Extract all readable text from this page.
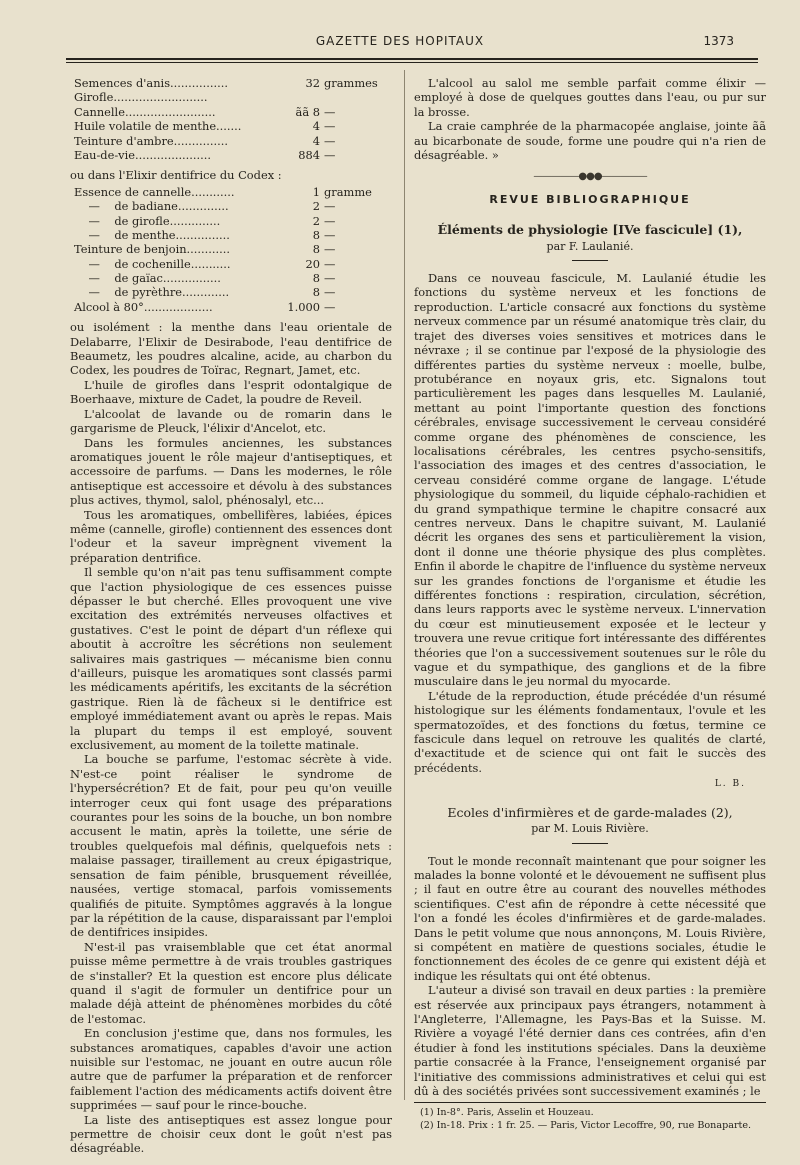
GAZETTE DES HOPITAUX	1373
Semences d'anis................	32 grammes
Girofle..........................
Cannelle.........................	ãã 8 —
Huile volatile de menthe.......	4 —
Teinture d'ambre...............	4 —
Eau-de-vie.....................	884 —

ou dans l'Elixir dentifrice du Codex :

Essence de cannelle............	1 gramme
—    de badiane..............	2 —
—    de girofle..............	2 —
—    de menthe...............	8 —
Teinture de benjoin............	8 —
—    de cochenille...........	20 —
—    de gaïac................	8 —
—    de pyrèthre.............	8 —
Alcool à 80°...................	1.000 —

ou isolément : la menthe dans l'eau orientale de Delabarre, l'Elixir de Desirabode, l'eau dentifrice de Beaumetz, les poudres alcaline, acide, au charbon du Codex, les poudres de Toïrac, Regnart, Jamet, etc.

L'huile de girofles dans l'esprit odontalgique de Boerhaave, mixture de Cadet, la poudre de Reveil.

L'alcoolat de lavande ou de romarin dans le gargarisme de Pleuck, l'élixir d'Ancelot, etc.

Dans les formules anciennes, les substances aromatiques jouent le rôle majeur d'antiseptiques, et accessoire de parfums. — Dans les modernes, le rôle antiseptique est accessoire et dévolu à des substances plus actives, thymol, salol, phénosalyl, etc...

Tous les aromatiques, ombellifères, labiées, épices même (cannelle, girofle) contiennent des essences dont l'odeur et la saveur imprègnent vivement la préparation dentrifice.

Il semble qu'on n'ait pas tenu suffisamment compte que l'action physiologique de ces essences puisse dépasser le but cherché. Elles provoquent une vive excitation des extrémités nerveuses olfactives et gustatives. C'est le point de départ d'un réflexe qui aboutit à accroître les sécrétions non seulement salivaires mais gastriques — mécanisme bien connu d'ailleurs, puisque les aromatiques sont classés parmi les médicaments apéritifs, les excitants de la sécrétion gastrique. Rien là de fâcheux si le dentifrice est employé immédiatement avant ou après le repas. Mais la plupart du temps il est employé, souvent exclusivement, au moment de la toilette matinale.

La bouche se parfume, l'estomac sécrète à vide. N'est-ce point réaliser le syndrome de l'hypersécrétion? Et de fait, pour peu qu'on veuille interroger ceux qui font usage des préparations courantes pour les soins de la bouche, un bon nombre accusent le matin, après la toilette, une série de troubles quelquefois mal définis, quelquefois nets : malaise passager, tiraillement au creux épigastrique, sensation de faim pénible, brusquement réveillée, nausées, vertige stomacal, parfois vomissements qualifiés de pituite. Symptômes aggravés à la longue par la répétition de la cause, disparaissant par l'emploi de dentifrices insipides.

N'est-il pas vraisemblable que cet état anormal puisse même permettre à de vrais troubles gastriques de s'installer? Et la question est encore plus délicate quand il s'agit de formuler un dentifrice pour un malade déjà atteint de phénomènes morbides du côté de l'estomac.

En conclusion j'estime que, dans nos formules, les substances aromatiques, capables d'avoir une action nuisible sur l'estomac, ne jouant en outre aucun rôle autre que de parfumer la préparation et de renforcer faiblement l'action des médicaments actifs doivent être supprimées — sauf pour le rince-bouche.

La liste des antiseptiques est assez longue pour permettre de choisir ceux dont le goût n'est pas désagréable.

L'alcool au salol me semble parfait comme élixir — employé à dose de quelques gouttes dans l'eau, ou pur sur la brosse.

La craie camphrée de la pharmacopée anglaise, jointe ãã au bicarbonate de soude, forme une poudre qui n'a rien de désagréable. »

—————●●●—————
REVUE BIBLIOGRAPHIQUE
Éléments de physiologie [IVe fascicule] (1),
par F. Laulanié.

Dans ce nouveau fascicule, M. Laulanié étudie les fonctions du système nerveux et les fonctions de reproduction. L'article consacré aux fonctions du système nerveux commence par un résumé anatomique très clair, du trajet des diverses voies sensitives et motrices dans le névraxe ; il se continue par l'exposé de la physiologie des différentes parties du système nerveux : moelle, bulbe, protubérance en noyaux gris, etc. Signalons tout particulièrement les pages dans lesquelles M. Laulanié, mettant au point l'importante question des fonctions cérébrales, envisage successivement le cerveau considéré comme organe des phénomènes de conscience, les localisations cérébrales, les centres psycho-sensitifs, l'association des images et des centres d'association, le cerveau considéré comme organe de langage. L'étude physiologique du sommeil, du liquide céphalo-rachidien et du grand sympathique termine le chapitre consacré aux centres nerveux. Dans le chapitre suivant, M. Laulanié décrit les organes des sens et particulièrement la vision, dont il donne une théorie physique des plus complètes. Enfin il aborde le chapitre de l'influence du système nerveux sur les grandes fonctions de l'organisme et étudie les différentes fonctions : respiration, circulation, sécrétion, dans leurs rapports avec le système nerveux. L'innervation du cœur est minutieusement exposée et le lecteur y trouvera une revue critique fort intéressante des différentes théories que l'on a successivement soutenues sur le rôle du vague et du sympathique, des ganglions et de la fibre musculaire dans le jeu normal du myocarde.

L'étude de la reproduction, étude précédée d'un résumé histologique sur les éléments fondamentaux, l'ovule et les spermatozoïdes, et des fonctions du fœtus, termine ce fascicule dans lequel on retrouve les qualités de clarté, d'exactitude et de science qui ont fait le succès des précédents.

L. B.
Ecoles d'infirmières et de garde-malades (2),
par M. Louis Rivière.

Tout le monde reconnaît maintenant que pour soigner les malades la bonne volonté et le dévouement ne suffisent plus ; il faut en outre être au courant des nouvelles méthodes scientifiques. C'est afin de répondre à cette nécessité que l'on a fondé les écoles d'infirmières et de garde-malades. Dans le petit volume que nous annonçons, M. Louis Rivière, si compétent en matière de questions sociales, étudie le fonctionnement des écoles de ce genre qui existent déjà et indique les résultats qui ont été obtenus.

L'auteur a divisé son travail en deux parties : la première est réservée aux principaux pays étrangers, notamment à l'Angleterre, l'Allemagne, les Pays-Bas et la Suisse. M. Rivière a voyagé l'été dernier dans ces contrées, afin d'en étudier à fond les institutions spéciales. Dans la deuxième partie consacrée à la France, l'enseignement organisé par l'initiative des commissions administratives et celui qui est dû à des sociétés privées sont successivement examinés ; le

(1) In-8°. Paris, Asselin et Houzeau.
(2) In-18. Prix : 1 fr. 25. — Paris, Victor Lecoffre, 90, rue Bonaparte.
